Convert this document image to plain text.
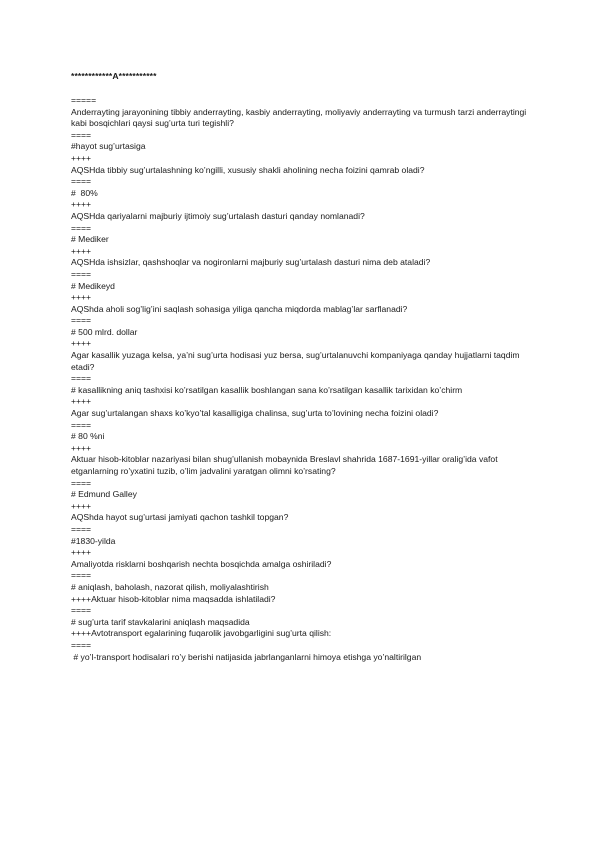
************A***********
=====
Anderrayting jarayonining tibbiy anderrayting, kasbiy anderrayting, moliyaviy anderrayting va turmush tarzi anderraytingi kabi bosqichlari qaysi sug’urta turi tegishli?
====
#hayot sug’urtasiga
++++
AQSHda tibbiy sug’urtalashning ko’ngilli, xususiy shakli aholining necha foizini qamrab oladi?
====
#  80%
++++
AQSHda qariyalarni majburiy ijtimoiy sug’urtalash dasturi qanday nomlanadi?
====
# Mediker
++++
AQSHda ishsizlar, qashshoqlar va nogironlarni majburiy sug’urtalash dasturi nima deb ataladi?
====
# Medikeyd
++++
AQShda aholi sog’lig’ini saqlash sohasiga yiliga qancha miqdorda mablag’lar sarflanadi?
====
# 500 mlrd. dollar
++++
Agar kasallik yuzaga kelsa, ya’ni sug’urta hodisasi yuz bersa, sug’urtalanuvchi kompaniyaga qanday hujjatlarni taqdim etadi?
====
# kasallikning aniq tashxisi ko’rsatilgan kasallik boshlangan sana ko’rsatilgan kasallik tarixidan ko’chirm
++++
Agar sug’urtalangan shaxs ko’kyo’tal kasalligiga chalinsa, sug’urta to’lovining necha foizini oladi?
====
# 80 %ni
++++
Aktuar hisob-kitoblar nazariyasi bilan shug’ullanish mobaynida Breslavl shahrida 1687-1691-yillar oralig’ida vafot etganlarning ro’yxatini tuzib, o’lim jadvalini yaratgan olimni ko’rsating?
====
# Edmund Galley
++++
AQShda hayot sug’urtasi jamiyati qachon tashkil topgan?
====
#1830-yilda
++++
Amaliyotda risklarni boshqarish nechta bosqichda amalga oshiriladi?
====
# aniqlash, baholash, nazorat qilish, moliyalashtirish
++++Aktuar hisob-kitoblar nima maqsadda ishlatiladi?
====
# sug’urta tarif stavkalarini aniqlash maqsadida
++++Avtotransport egalarining fuqarolik javobgarligini sug’urta qilish:
====
# yo’l-transport hodisalari ro’y berishi natijasida jabrlanganlarni himoya etishga yo’naltirilgan
